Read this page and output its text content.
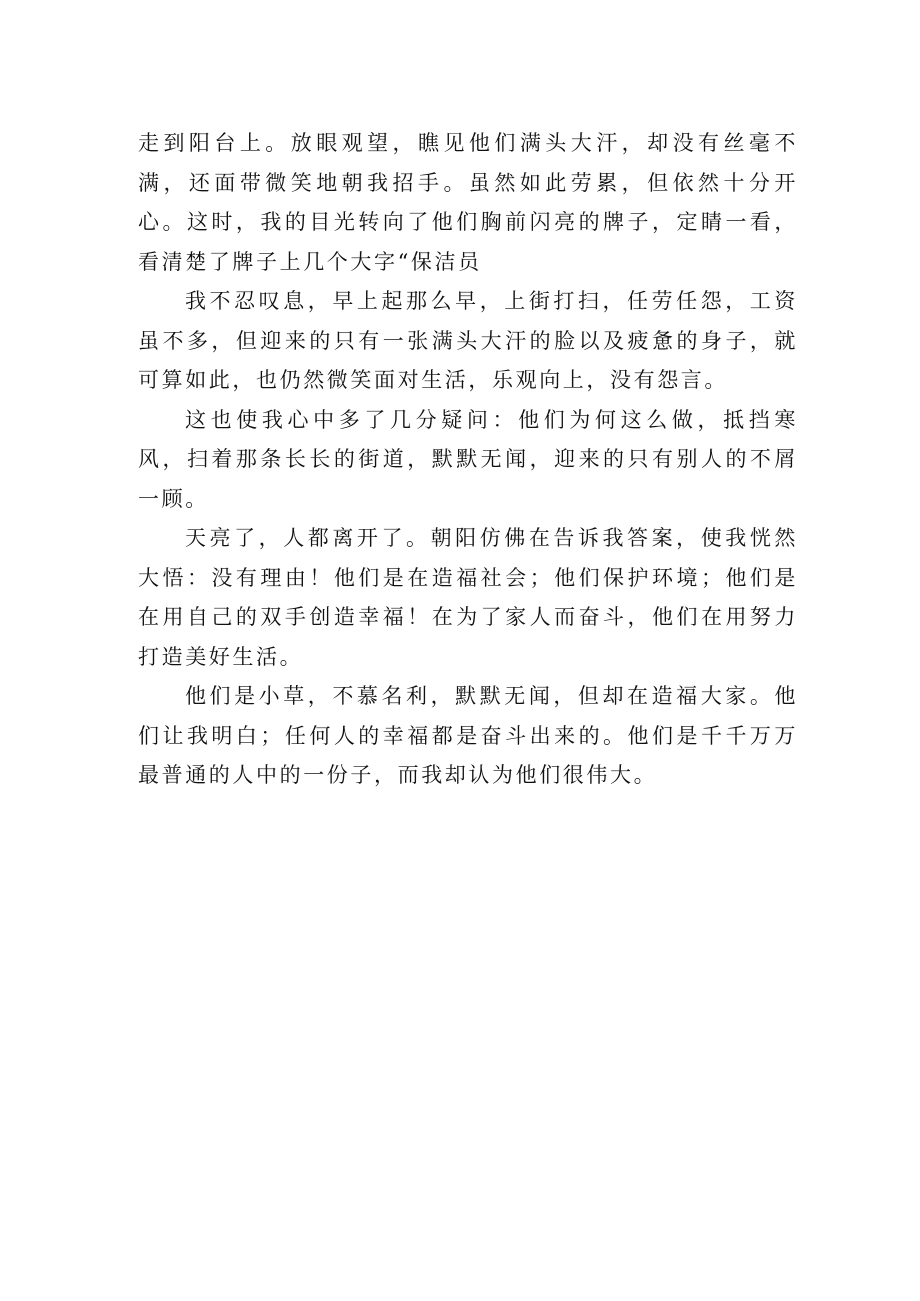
走到阳台上。放眼观望，瞧见他们满头大汗，却没有丝毫不满，还面带微笑地朝我招手。虽然如此劳累，但依然十分开心。这时，我的目光转向了他们胸前闪亮的牌子，定睛一看，看清楚了牌子上几个大字“保洁员

我不忍叹息，早上起那么早，上街打扫，任劳任怨，工资虽不多，但迎来的只有一张满头大汗的脸以及疲惫的身子，就可算如此，也仍然微笑面对生活，乐观向上，没有怨言。

这也使我心中多了几分疑问：他们为何这么做，抵挡寒风，扫着那条长长的街道，默默无闻，迎来的只有别人的不屑一顾。

天亮了，人都离开了。朝阳仿佛在告诉我答案，使我恍然大悟：没有理由！他们是在造福社会；他们保护环境；他们是在用自己的双手创造幸福！在为了家人而奋斗，他们在用努力打造美好生活。

他们是小草，不慕名利，默默无闻，但却在造福大家。他们让我明白；任何人的幸福都是奋斗出来的。他们是千千万万最普通的人中的一份子，而我却认为他们很伟大。
